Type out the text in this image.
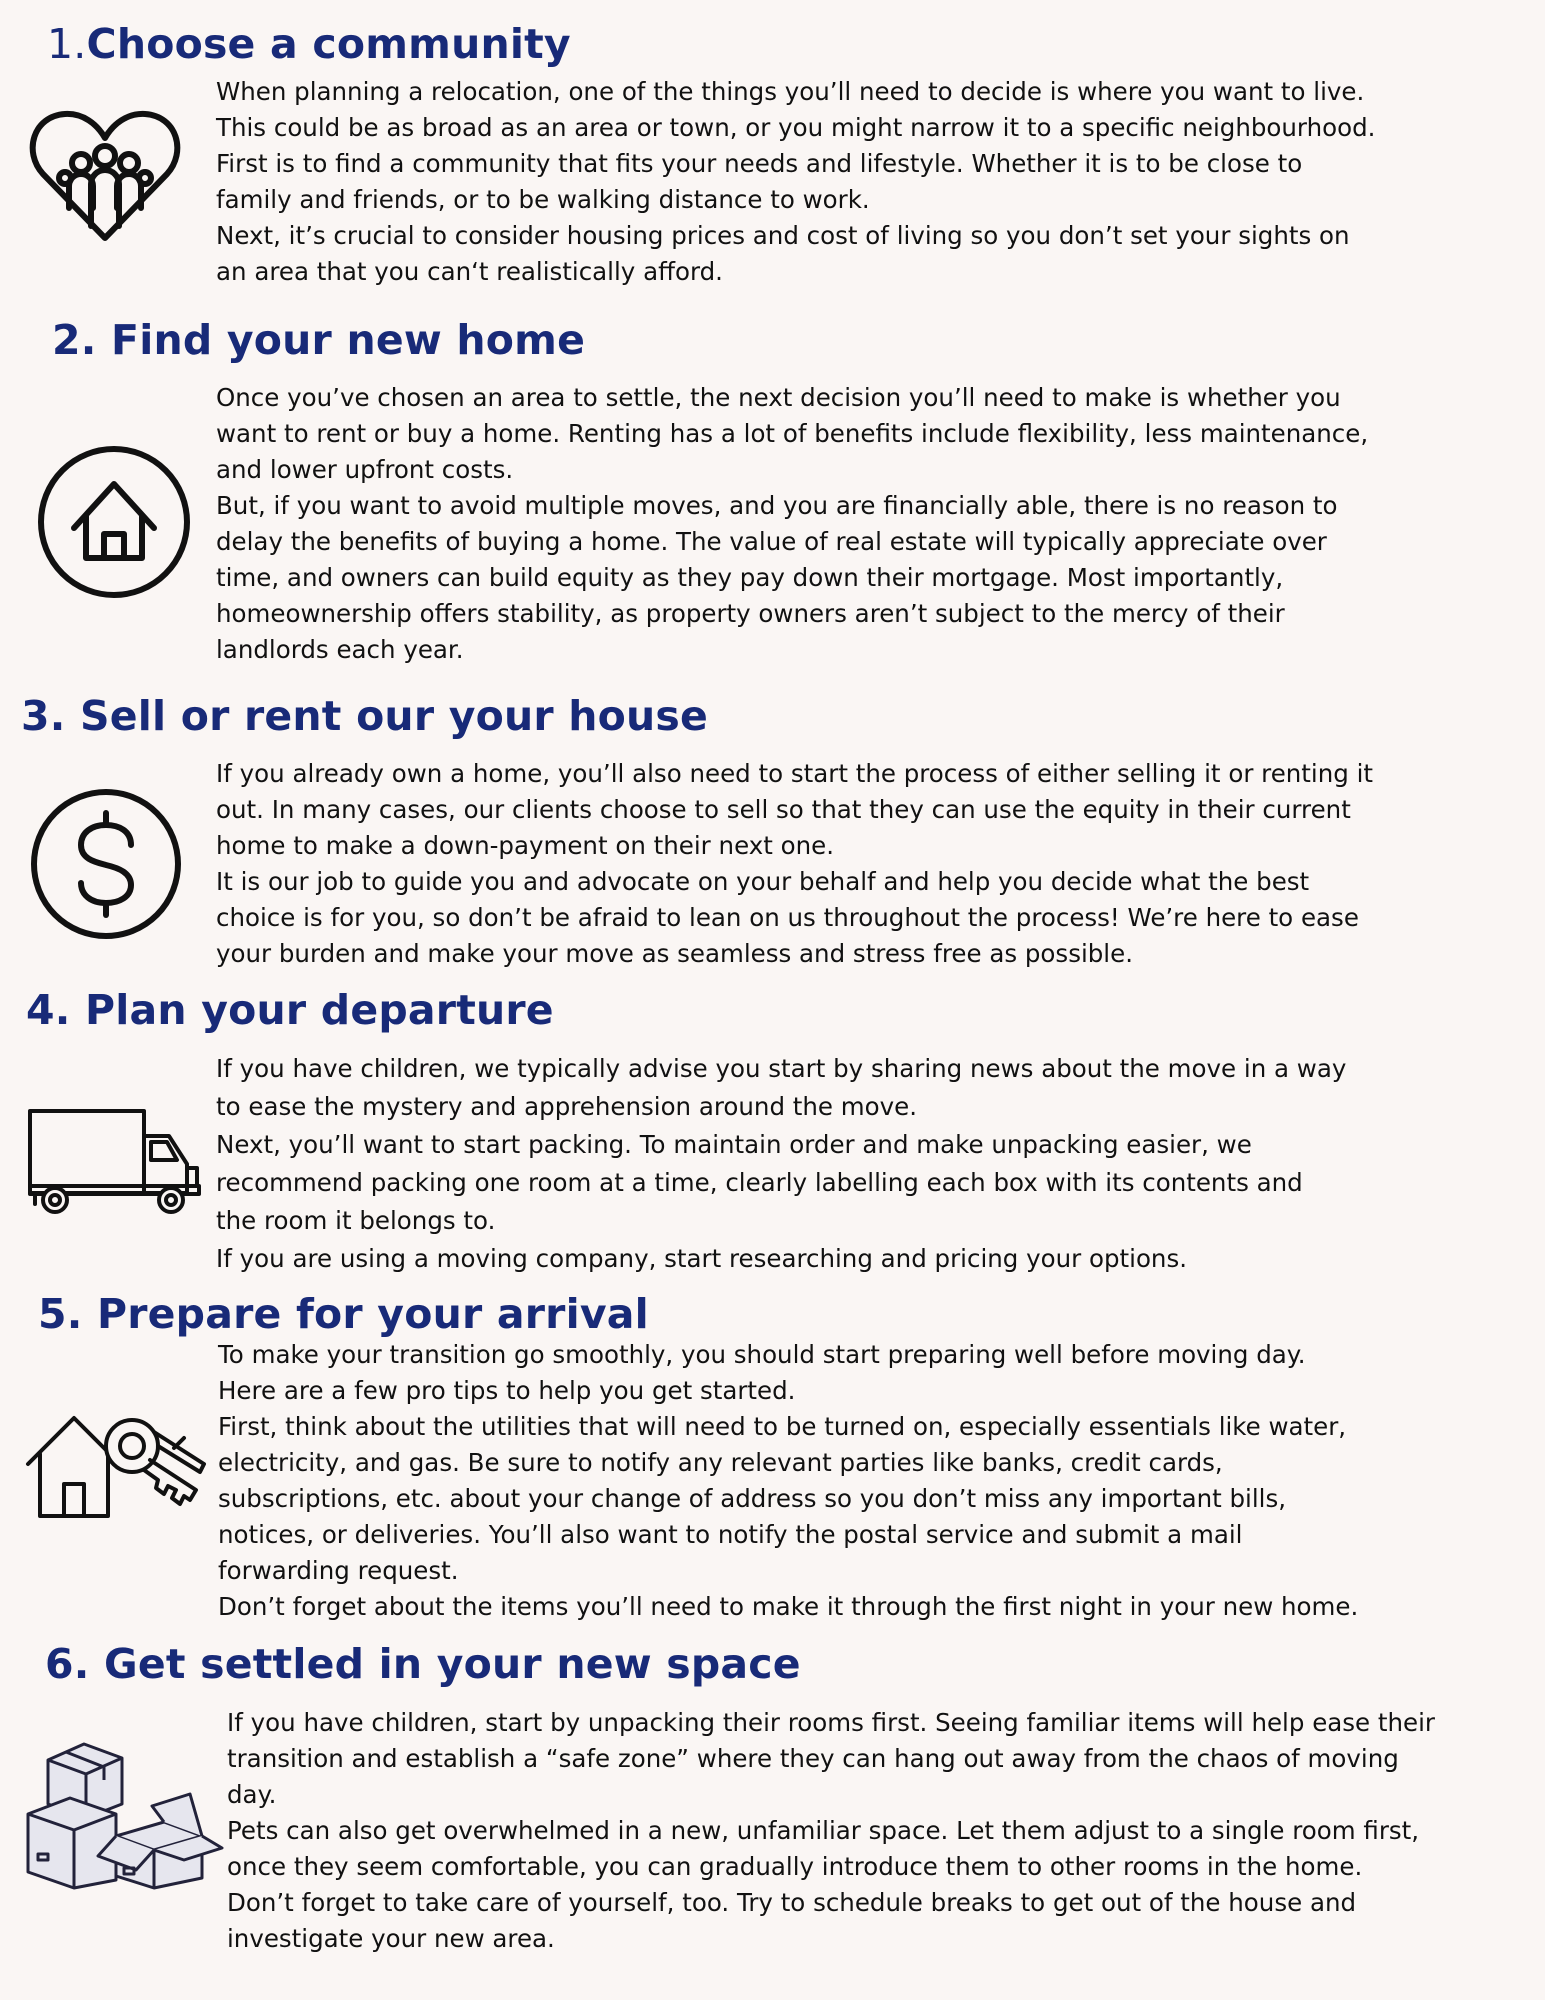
1.Choose a community
When planning a relocation, one of the things you’ll need to decide is where you want to live.
This could be as broad as an area or town, or you might narrow it to a specific neighbourhood.
First is to find a community that fits your needs and lifestyle. Whether it is to be close to
family and friends, or to be walking distance to work.
Next, it’s crucial to consider housing prices and cost of living so you don’t set your sights on
an area that you can‘t realistically afford.
2. Find your new home
Once you’ve chosen an area to settle, the next decision you’ll need to make is whether you
want to rent or buy a home. Renting has a lot of benefits include flexibility, less maintenance,
and lower upfront costs.
But, if you want to avoid multiple moves, and you are financially able, there is no reason to
delay the benefits of buying a home. The value of real estate will typically appreciate over
time, and owners can build equity as they pay down their mortgage. Most importantly,
homeownership offers stability, as property owners aren’t subject to the mercy of their
landlords each year.
3. Sell or rent our your house
If you already own a home, you’ll also need to start the process of either selling it or renting it
out. In many cases, our clients choose to sell so that they can use the equity in their current
home to make a down-payment on their next one.
It is our job to guide you and advocate on your behalf and help you decide what the best
choice is for you, so don’t be afraid to lean on us throughout the process! We’re here to ease
your burden and make your move as seamless and stress free as possible.
4. Plan your departure
If you have children, we typically advise you start by sharing news about the move in a way
to ease the mystery and apprehension around the move.
Next, you’ll want to start packing. To maintain order and make unpacking easier, we
recommend packing one room at a time, clearly labelling each box with its contents and
the room it belongs to.
If you are using a moving company, start researching and pricing your options.
5. Prepare for your arrival
To make your transition go smoothly, you should start preparing well before moving day.
Here are a few pro tips to help you get started.
First, think about the utilities that will need to be turned on, especially essentials like water,
electricity, and gas. Be sure to notify any relevant parties like banks, credit cards,
subscriptions, etc. about your change of address so you don’t miss any important bills,
notices, or deliveries. You’ll also want to notify the postal service and submit a mail
forwarding request.
Don’t forget about the items you’ll need to make it through the first night in your new home.
6. Get settled in your new space
If you have children, start by unpacking their rooms first. Seeing familiar items will help ease their
transition and establish a “safe zone” where they can hang out away from the chaos of moving
day.
Pets can also get overwhelmed in a new, unfamiliar space. Let them adjust to a single room first,
once they seem comfortable, you can gradually introduce them to other rooms in the home.
Don’t forget to take care of yourself, too. Try to schedule breaks to get out of the house and
investigate your new area.
